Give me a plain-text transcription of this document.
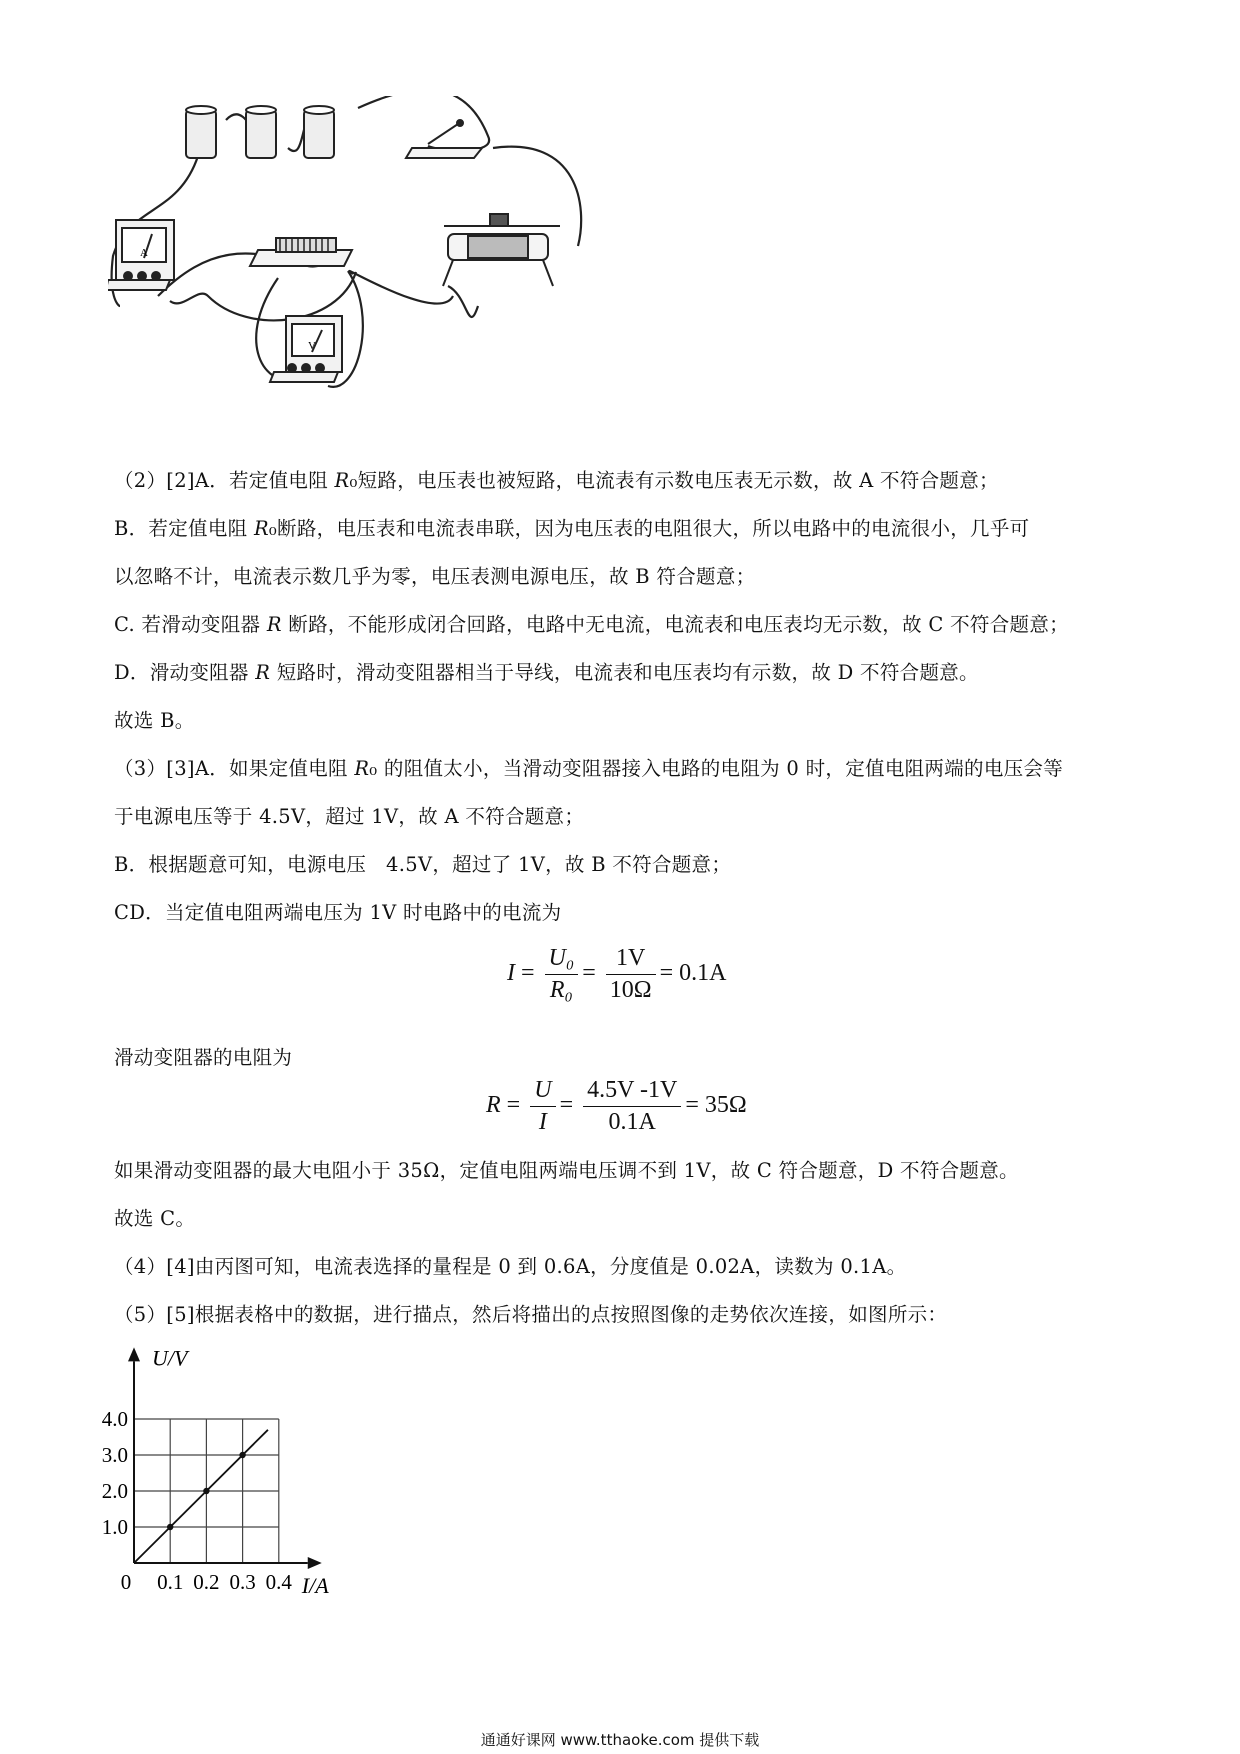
A
V
（2）[2]A．若定值电阻 R₀短路，电压表也被短路，电流表有示数电压表无示数，故 A 不符合题意；
B．若定值电阻 R₀断路，电压表和电流表串联，因为电压表的电阻很大，所以电路中的电流很小，几乎可
以忽略不计，电流表示数几乎为零，电压表测电源电压，故 B 符合题意；
C. 若滑动变阻器 R 断路，不能形成闭合回路，电路中无电流，电流表和电压表均无示数，故 C 不符合题意；
D．滑动变阻器 R 短路时，滑动变阻器相当于导线，电流表和电压表均有示数，故 D 不符合题意。
故选 B。
（3）[3]A．如果定值电阻 R₀ 的阻值太小，当滑动变阻器接入电路的电阻为 0 时，定值电阻两端的电压会等
于电源电压等于 4.5V，超过 1V，故 A 不符合题意；
B．根据题意可知，电源电压　4.5V，超过了 1V，故 B 不符合题意；
CD．当定值电阻两端电压为 1V 时电路中的电流为
$I = \frac{\text{U₀}}{\text{R₀}} = \frac{1V}{10\Omega} = 0.1A$
滑动变阻器的电阻为
$R = \frac{U}{I} = \frac{4.5V -1V}{0.1A} = 35\Omega$
如果滑动变阻器的最大电阻小于 35Ω，定值电阻两端电压调不到 1V，故 C 符合题意，D 不符合题意。
故选 C。
（4）[4]由丙图可知，电流表选择的量程是 0 到 0.6A，分度值是 0.02A，读数为 0.1A。
（5）[5]根据表格中的数据，进行描点，然后将描出的点按照图像的走势依次连接，如图所示：
0 0.1 0.2 0.3 0.4
1.0
2.0
3.0
4.0
I/A
U/V
通通好课网 www.tthaoke.com 提供下载
